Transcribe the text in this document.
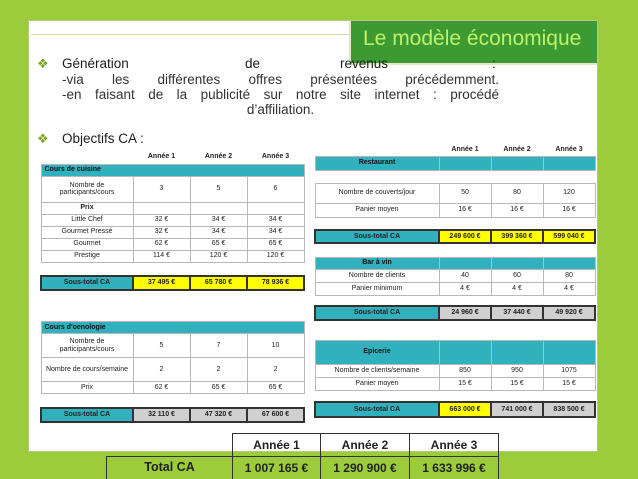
Le modèle économique
❖ Génération	de	revenus	:
-via les différentes offres présentées précédemment.
-en faisant de la publicité sur notre site internet : procédé
d’affiliation.
❖ Objectifs CA :
	Année 1	Année 2	Année 3
Cours de cuisine			
Nombre de participants/cours	3	5	6
Prix			
Little Chef	32 €	34 €	34 €
Gourmet Pressé	32 €	34 €	34 €
Gourmet	62 €	65 €	65 €
Prestige	114 €	120 €	120 €

Sous-total CA	37 495 €	65 780 €	78 936 €
Cours d'oenologie			
Nombre de participants/cours	5	7	10
Nombre de cours/semaine	2	2	2
Prix	62 €	65 €	65 €

Sous-total CA	32 110 €	47 320 €	67 600 €
	Année 1	Année 2	Année 3
Restaurant			

Nombre de couverts/jour	50	80	120
Panier moyen	16 €	16 €	16 €

Sous-total CA	249 600 €	399 360 €	599 040 €

Bar à vin			
Nombre de clients	40	60	80
Panier minimum	4 €	4 €	4 €

Sous-total CA	24 960 €	37 440 €	49 920 €

Epicerie			
Nombre de clients/semaine	850	950	1075
Panier moyen	15 €	15 €	15 €

Sous-total CA	663 000 €	741 000 €	838 500 €
	Année 1	Année 2	Année 3
Total CA	1 007 165 €	1 290 900 €	1 633 996 €
